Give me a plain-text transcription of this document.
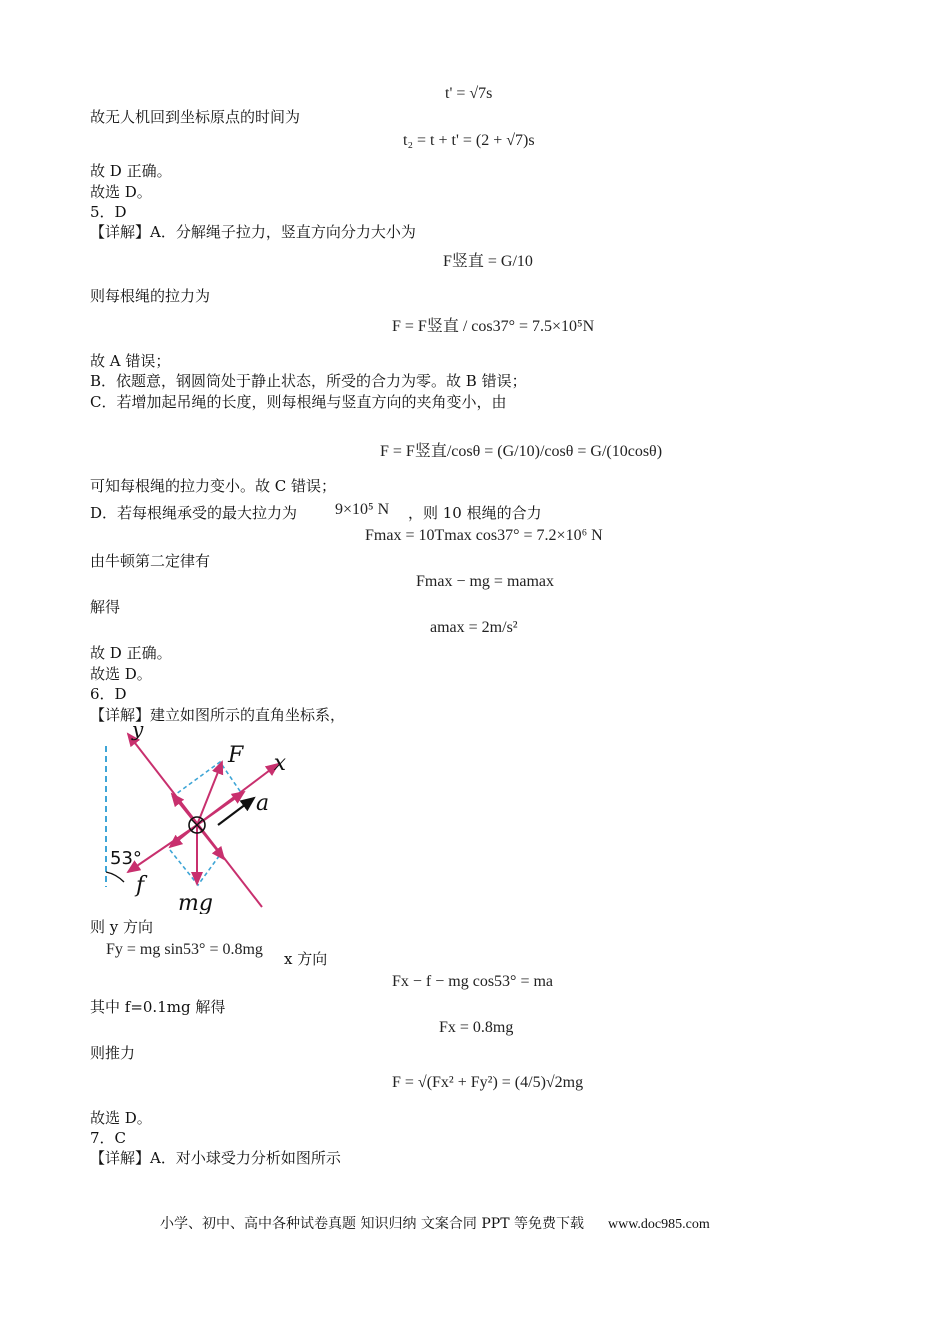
故无人机回到坐标原点的时间为
故 D 正确。
故选 D。
5．D
【详解】A．分解绳子拉力，竖直方向分力大小为
则每根绳的拉力为
故 A 错误；
B．依题意，钢圆筒处于静止状态，所受的合力为零。故 B 错误；
C．若增加起吊绳的长度，则每根绳与竖直方向的夹角变小，由
可知每根绳的拉力变小。故 C 错误；
D．若每根绳承受的最大拉力为	，则 10 根绳的合力
由牛顿第二定律有
解得
故 D 正确。
故选 D。
6．D
【详解】建立如图所示的直角坐标系，
则 y 方向
x 方向
其中 f=0.1mg 解得
则推力
故选 D。
7．C
【详解】A．对小球受力分析如图所示
t' = √7s
t₂ = t + t' = (2 + √7)s
F竖直 = G/10
F = F竖直 / cos37° = 7.5×10⁵N
F = F竖直/cosθ = (G/10)/cosθ = G/(10cosθ)
9×10⁵ N
Fmax = 10Tmax cos37° = 7.2×10⁶ N
Fmax − mg = mamax
amax = 2m/s²
Fy = mg sin53° = 0.8mg
Fx − f − mg cos53° = ma
Fx = 0.8mg
F = √(Fx² + Fy²) = (4/5)√2mg
y
F x
a
53°
f
mg
小学、初中、高中各种试卷真题 知识归纳 文案合同 PPT 等免费下载 www.doc985.com
